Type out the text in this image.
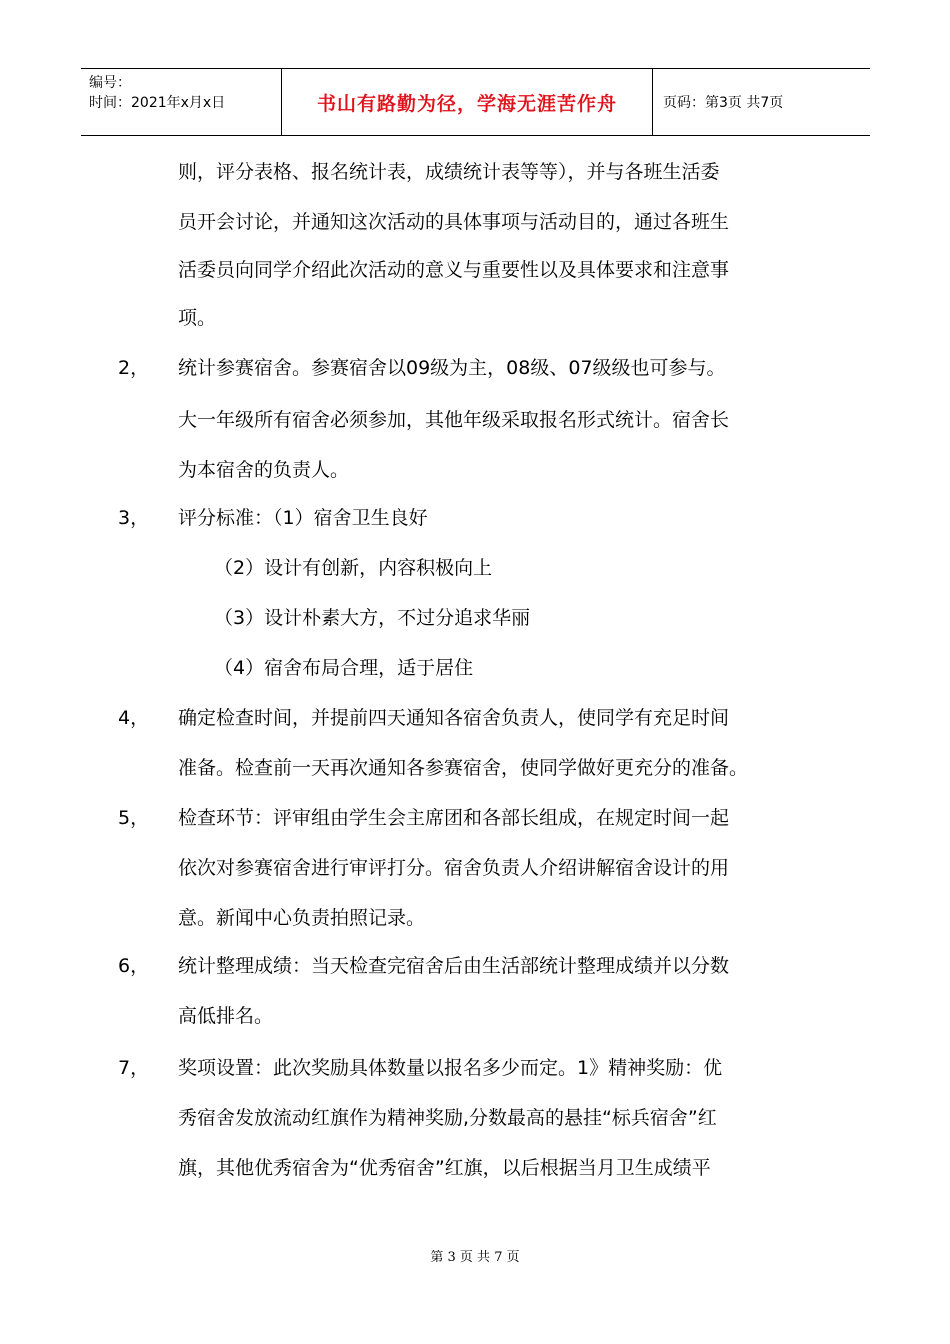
编号：
时间：2021年x月x日	书山有路勤为径，学海无涯苦作舟	页码：第3页 共7页
则，评分表格、报名统计表，成绩统计表等等），并与各班生活委
员开会讨论，并通知这次活动的具体事项与活动目的，通过各班生
活委员向同学介绍此次活动的意义与重要性以及具体要求和注意事
项。
2， 统计参赛宿舍。参赛宿舍以09级为主，08级、07级级也可参与。
大一年级所有宿舍必须参加，其他年级采取报名形式统计。宿舍长
为本宿舍的负责人。
3， 评分标准：（1）宿舍卫生良好
（2）设计有创新，内容积极向上
（3）设计朴素大方，不过分追求华丽
（4）宿舍布局合理，适于居住
4， 确定检查时间，并提前四天通知各宿舍负责人，使同学有充足时间
准备。检查前一天再次通知各参赛宿舍，使同学做好更充分的准备。
5， 检查环节：评审组由学生会主席团和各部长组成，在规定时间一起
依次对参赛宿舍进行审评打分。宿舍负责人介绍讲解宿舍设计的用
意。新闻中心负责拍照记录。
6， 统计整理成绩：当天检查完宿舍后由生活部统计整理成绩并以分数
高低排名。
7， 奖项设置：此次奖励具体数量以报名多少而定。1》精神奖励：优
秀宿舍发放流动红旗作为精神奖励,分数最高的悬挂“标兵宿舍”红
旗，其他优秀宿舍为“优秀宿舍”红旗，以后根据当月卫生成绩平
第 3 页 共 7 页
